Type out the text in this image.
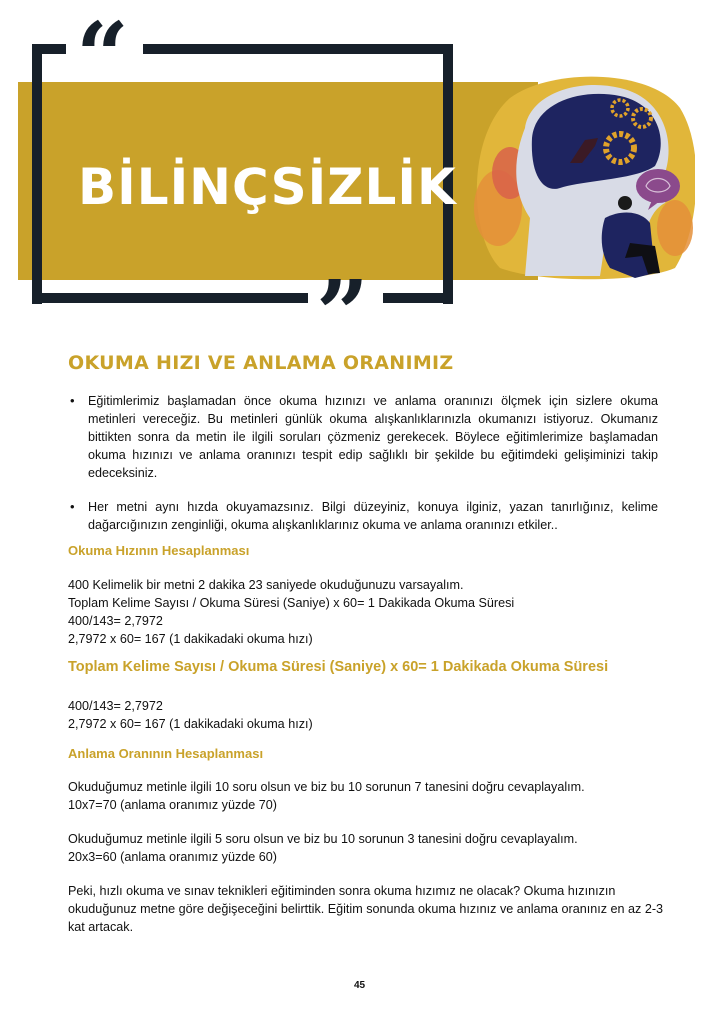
“
”
BİLİNÇSİZLİK
OKUMA HIZI VE ANLAMA ORANIMIZ
• Eğitimlerimiz başlamadan önce okuma hızınızı ve anlama oranınızı ölçmek için sizlere okuma metinleri vereceğiz. Bu metinleri günlük okuma alışkanlıklarınızla okumanızı istiyoruz. Okumanız bittikten sonra da metin ile ilgili soruları çözmeniz gerekecek. Böylece eğitimlerimize başlamadan okuma hızınızı ve anlama oranınızı tespit edip sağlıklı bir şekilde bu eğitimdeki gelişiminizi takip edeceksiniz.
• Her metni aynı hızda okuyamazsınız. Bilgi düzeyiniz, konuya ilginiz, yazan tanırlığınız, kelime dağarcığınızın zenginliği, okuma alışkanlıklarınız okuma ve anlama oranınızı etkiler..
Okuma Hızının Hesaplanması
400 Kelimelik bir metni 2 dakika 23 saniyede okuduğunuzu varsayalım.
Toplam Kelime Sayısı / Okuma Süresi (Saniye) x 60= 1 Dakikada Okuma Süresi
400/143= 2,7972
2,7972 x 60= 167 (1 dakikadaki okuma hızı)
Toplam Kelime Sayısı / Okuma Süresi (Saniye) x 60= 1 Dakikada Okuma Süresi
400/143= 2,7972
2,7972 x 60= 167 (1 dakikadaki okuma hızı)
Anlama Oranının Hesaplanması
Okuduğumuz metinle ilgili 10 soru olsun ve biz bu 10 sorunun 7 tanesini doğru cevaplayalım.
10x7=70 (anlama oranımız yüzde 70)
Okuduğumuz metinle ilgili 5 soru olsun ve biz bu 10 sorunun 3 tanesini doğru cevaplayalım.
20x3=60 (anlama oranımız yüzde 60)
Peki, hızlı okuma ve sınav teknikleri eğitiminden sonra okuma hızımız ne olacak? Okuma hızınızın okuduğunuz metne göre değişeceğini belirttik. Eğitim sonunda okuma hızınız ve anlama oranınız en az 2-3 kat artacak.
45
